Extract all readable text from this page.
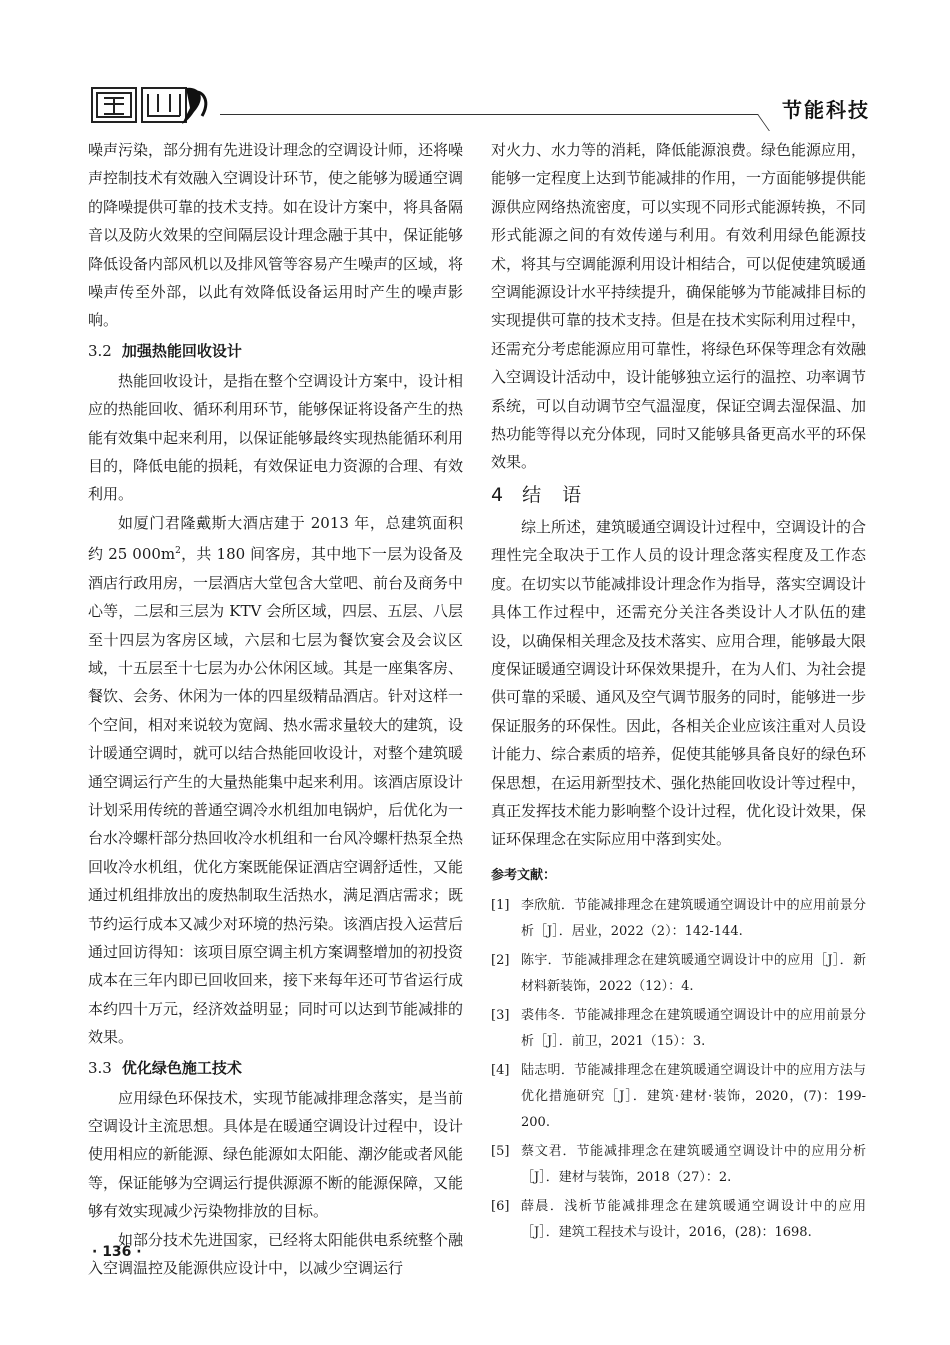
节能科技

噪声污染，部分拥有先进设计理念的空调设计师，还将噪声控制技术有效融入空调设计环节，使之能够为暖通空调的降噪提供可靠的技术支持。如在设计方案中，将具备隔音以及防火效果的空间隔层设计理念融于其中，保证能够降低设备内部风机以及排风管等容易产生噪声的区域，将噪声传至外部，以此有效降低设备运用时产生的噪声影响。

3.2 加强热能回收设计

热能回收设计，是指在整个空调设计方案中，设计相应的热能回收、循环利用环节，能够保证将设备产生的热能有效集中起来利用，以保证能够最终实现热能循环利用目的，降低电能的损耗，有效保证电力资源的合理、有效利用。

如厦门君隆戴斯大酒店建于 2013 年，总建筑面积约 25 $000m^2$，共 180 间客房，其中地下一层为设备及酒店行政用房，一层酒店大堂包含大堂吧、前台及商务中心等，二层和三层为 KTV 会所区域，四层、五层、八层至十四层为客房区域，六层和七层为餐饮宴会及会议区域，十五层至十七层为办公休闲区域。其是一座集客房、餐饮、会务、休闲为一体的四星级精品酒店。针对这样一个空间，相对来说较为宽阔、热水需求量较大的建筑，设计暖通空调时，就可以结合热能回收设计，对整个建筑暖通空调运行产生的大量热能集中起来利用。该酒店原设计计划采用传统的普通空调冷水机组加电锅炉，后优化为一台水冷螺杆部分热回收冷水机组和一台风冷螺杆热泵全热回收冷水机组，优化方案既能保证酒店空调舒适性，又能通过机组排放出的废热制取生活热水，满足酒店需求；既节约运行成本又减少对环境的热污染。该酒店投入运营后通过回访得知：该项目原空调主机方案调整增加的初投资成本在三年内即已回收回来，接下来每年还可节省运行成本约四十万元，经济效益明显；同时可以达到节能减排的效果。

3.3 优化绿色施工技术

应用绿色环保技术，实现节能减排理念落实，是当前空调设计主流思想。具体是在暖通空调设计过程中，设计使用相应的新能源、绿色能源如太阳能、潮汐能或者风能等，保证能够为空调运行提供源源不断的能源保障，又能够有效实现减少污染物排放的目标。

如部分技术先进国家，已经将太阳能供电系统整个融入空调温控及能源供应设计中，以减少空调运行

对火力、水力等的消耗，降低能源浪费。绿色能源应用，能够一定程度上达到节能减排的作用，一方面能够提供能源供应网络热流密度，可以实现不同形式能源转换，不同形式能源之间的有效传递与利用。有效利用绿色能源技术，将其与空调能源利用设计相结合，可以促使建筑暖通空调能源设计水平持续提升，确保能够为节能减排目标的实现提供可靠的技术支持。但是在技术实际利用过程中，还需充分考虑能源应用可靠性，将绿色环保等理念有效融入空调设计活动中，设计能够独立运行的温控、功率调节系统，可以自动调节空气温湿度，保证空调去湿保温、加热功能等得以充分体现，同时又能够具备更高水平的环保效果。

4 结　语

综上所述，建筑暖通空调设计过程中，空调设计的合理性完全取决于工作人员的设计理念落实程度及工作态度。在切实以节能减排设计理念作为指导，落实空调设计具体工作过程中，还需充分关注各类设计人才队伍的建设，以确保相关理念及技术落实、应用合理，能够最大限度保证暖通空调设计环保效果提升，在为人们、为社会提供可靠的采暖、通风及空气调节服务的同时，能够进一步保证服务的环保性。因此，各相关企业应该注重对人员设计能力、综合素质的培养，促使其能够具备良好的绿色环保思想，在运用新型技术、强化热能回收设计等过程中，真正发挥技术能力影响整个设计过程，优化设计效果，保证环保理念在实际应用中落到实处。

参考文献：
[1] 李欣航．节能减排理念在建筑暖通空调设计中的应用前景分析［J］．居业，2022（2）：142-144.
[2] 陈宇．节能减排理念在建筑暖通空调设计中的应用［J］．新材料新装饰，2022（12）：4.
[3] 裘伟冬．节能减排理念在建筑暖通空调设计中的应用前景分析［J］．前卫，2021（15）：3.
[4] 陆志明．节能减排理念在建筑暖通空调设计中的应用方法与优化措施研究［J］．建筑·建材·装饰，2020，(7)：199-200.
[5] 蔡文君．节能减排理念在建筑暖通空调设计中的应用分析［J］．建材与装饰，2018（27）：2.
[6] 薛晨．浅析节能减排理念在建筑暖通空调设计中的应用［J］．建筑工程技术与设计，2016，(28)：1698.
· 136 ·
